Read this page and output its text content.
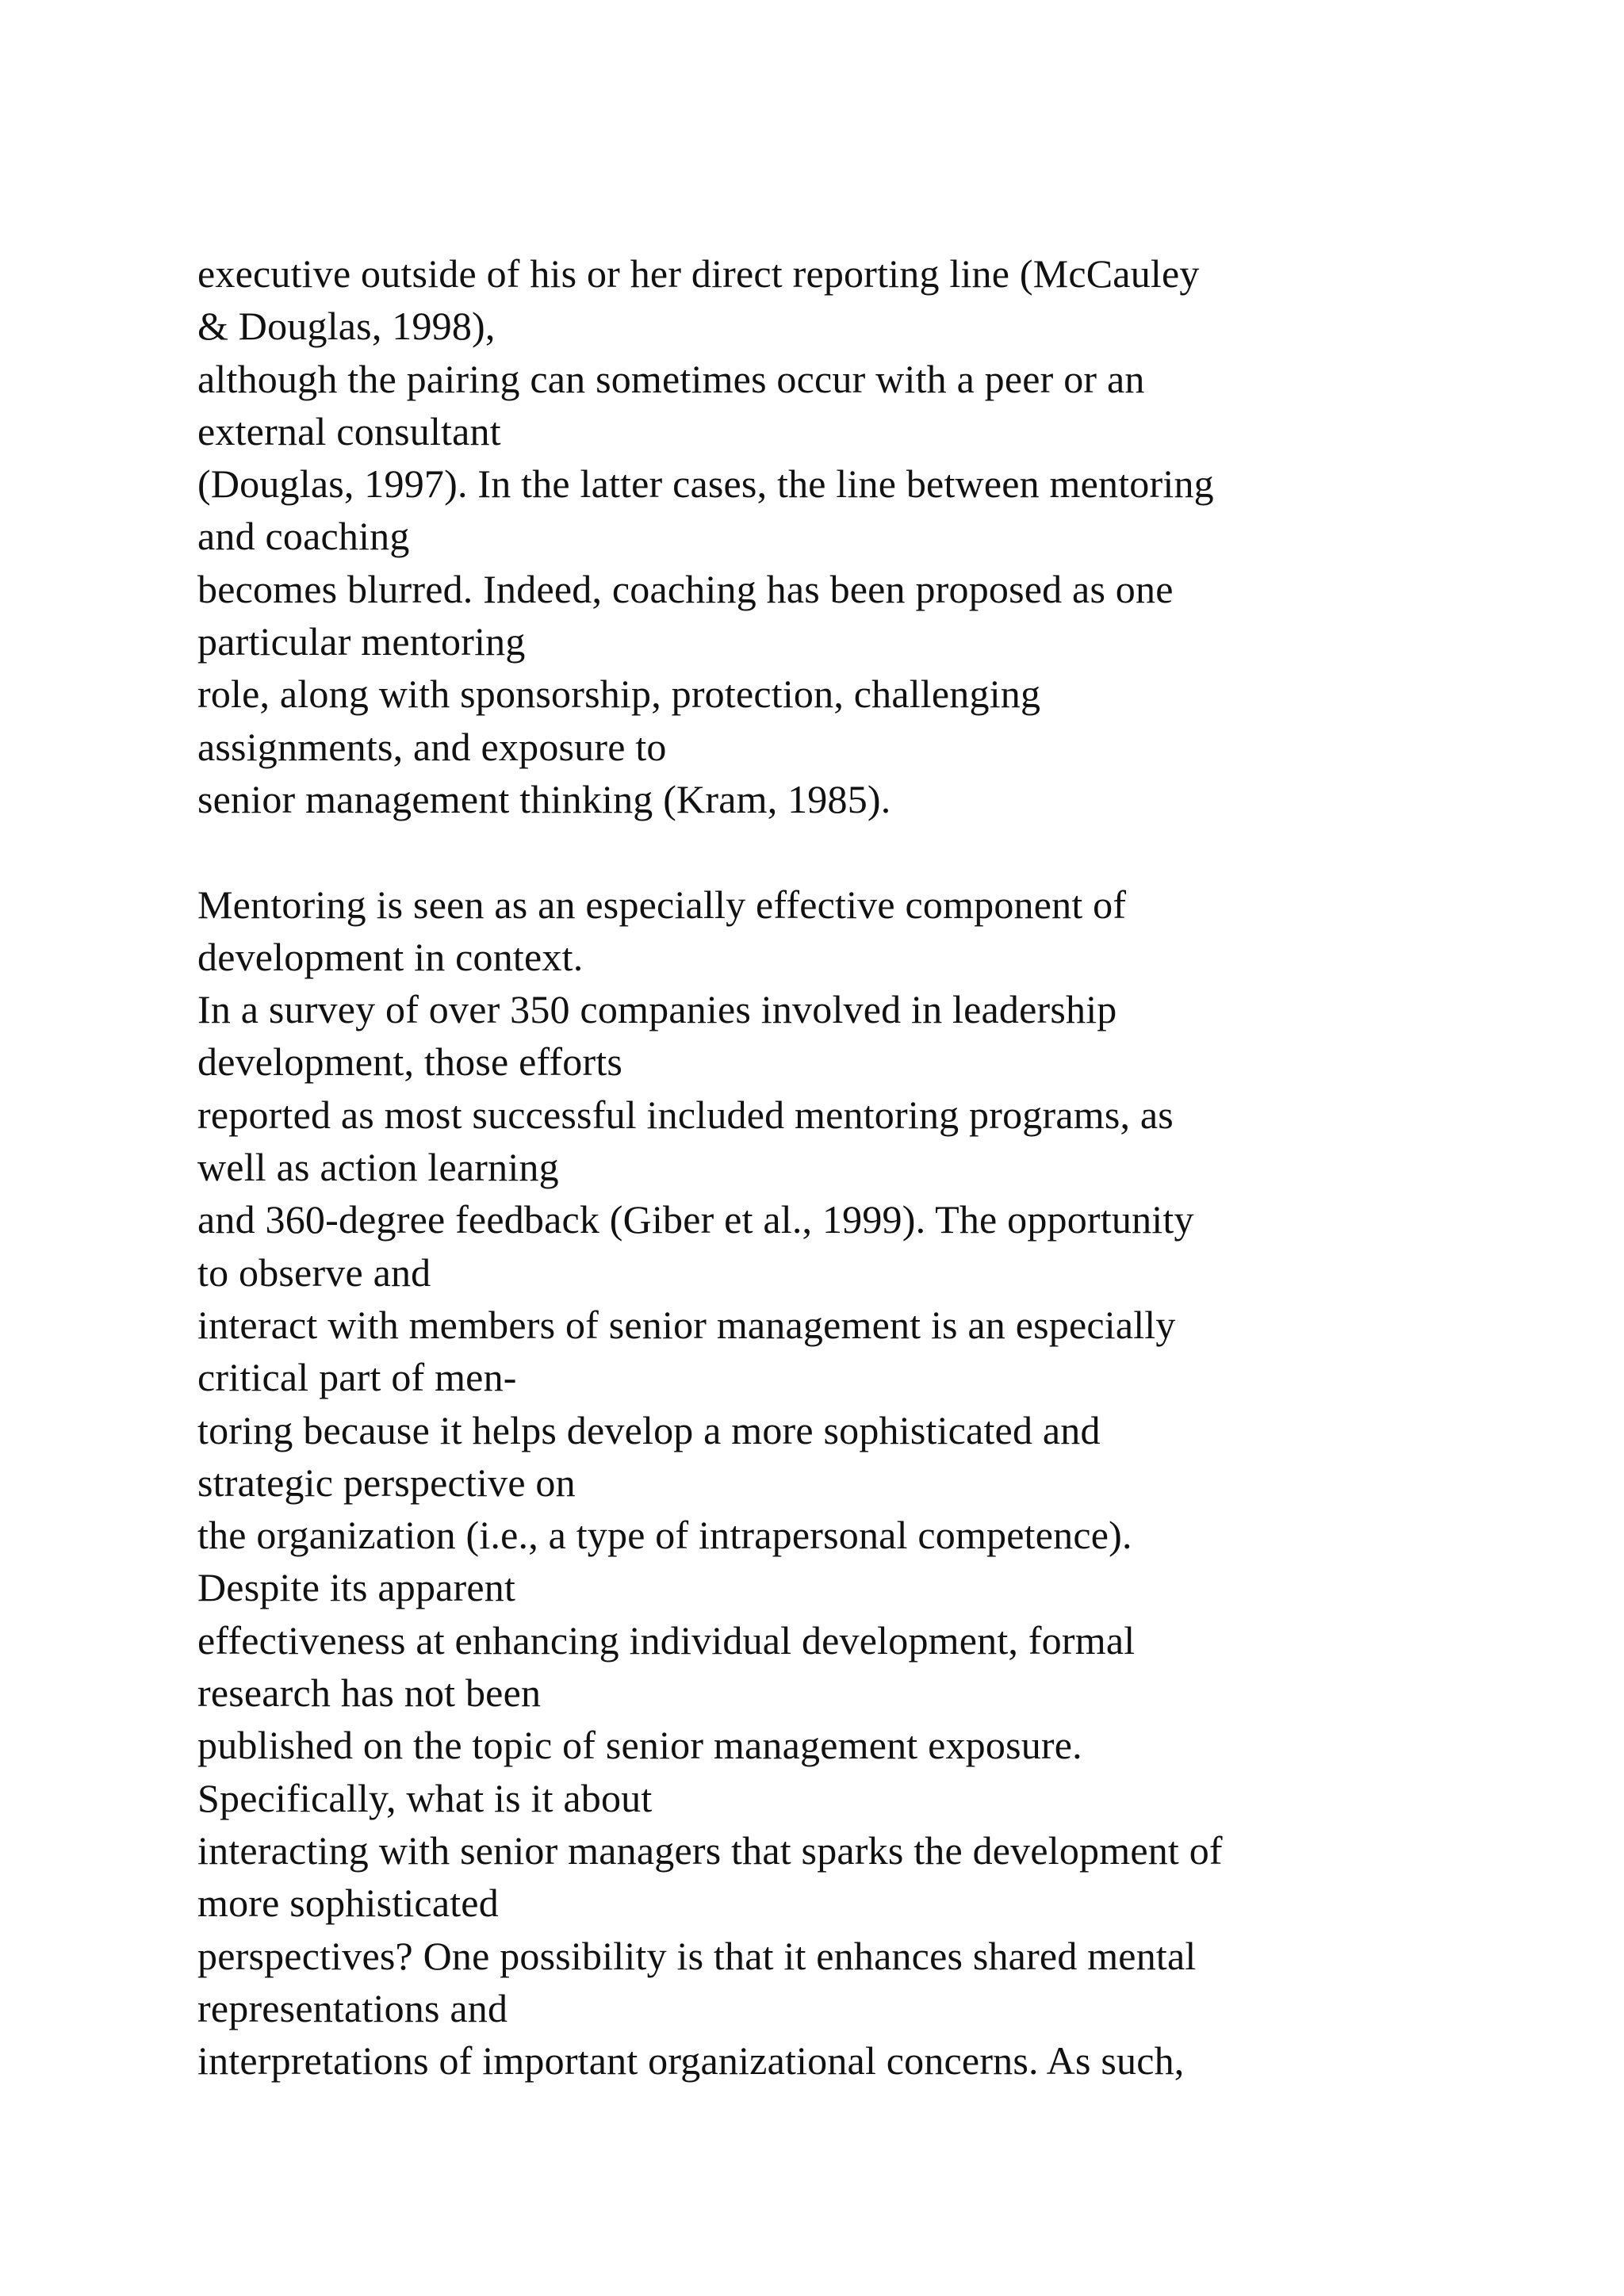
executive outside of his or her direct reporting line (McCauley
& Douglas, 1998),
although the pairing can sometimes occur with a peer or an
external consultant
(Douglas, 1997). In the latter cases, the line between mentoring
and coaching
becomes blurred. Indeed, coaching has been proposed as one
particular mentoring
role, along with sponsorship, protection, challenging
assignments, and exposure to
senior management thinking (Kram, 1985).
Mentoring is seen as an especially effective component of
development in context.
In a survey of over 350 companies involved in leadership
development, those efforts
reported as most successful included mentoring programs, as
well as action learning
and 360-degree feedback (Giber et al., 1999). The opportunity
to observe and
interact with members of senior management is an especially
critical part of men-
toring because it helps develop a more sophisticated and
strategic perspective on
the organization (i.e., a type of intrapersonal competence).
Despite its apparent
effectiveness at enhancing individual development, formal
research has not been
published on the topic of senior management exposure.
Specifically, what is it about
interacting with senior managers that sparks the development of
more sophisticated
perspectives? One possibility is that it enhances shared mental
representations and
interpretations of important organizational concerns. As such,
